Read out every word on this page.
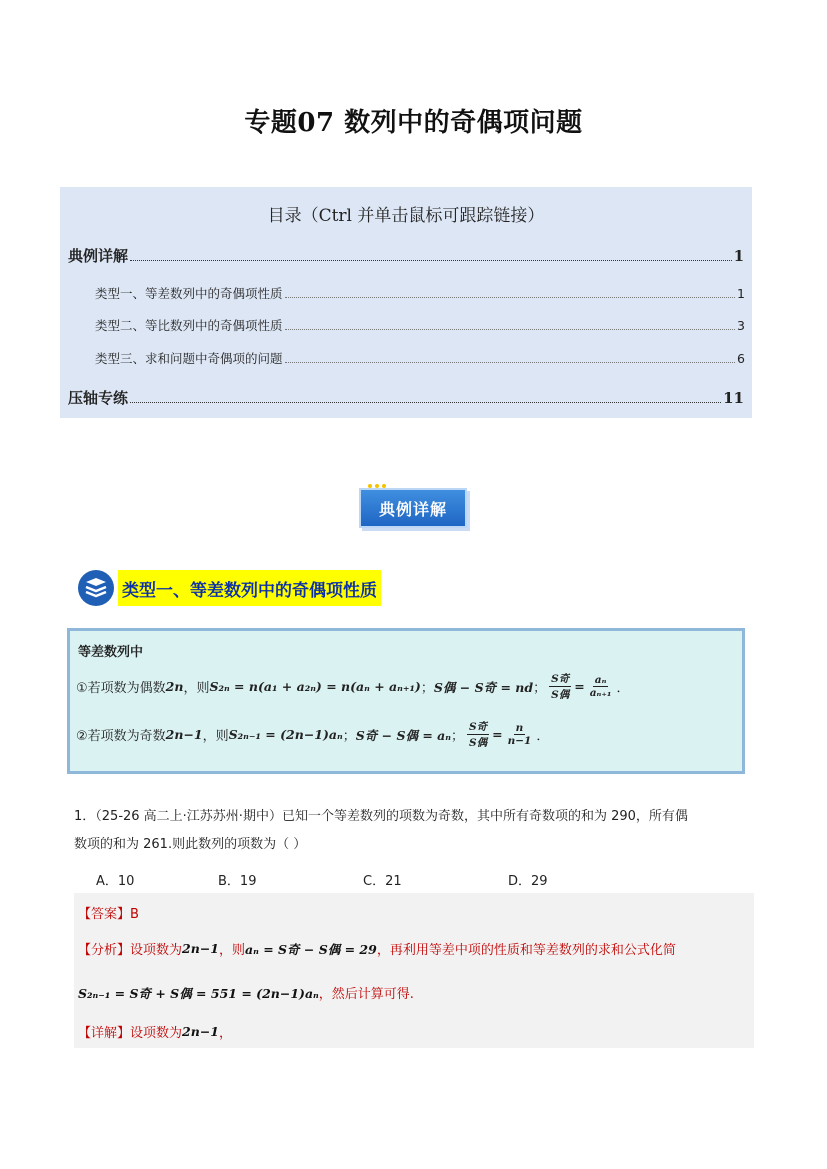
专题07 数列中的奇偶项问题
目录（Ctrl 并单击鼠标可跟踪链接）
典例详解	1
类型一、等差数列中的奇偶项性质	1
类型二、等比数列中的奇偶项性质	3
类型三、求和问题中奇偶项的问题	6
压轴专练	11
典例详解
类型一、等差数列中的奇偶项性质
等差数列中
①若项数为偶数 2n ，则 S₂ₙ = n(a₁ + a₂ₙ) = n(aₙ + aₙ₊₁) ； S偶 − S奇 = nd ； $\frac{\text{S奇}}{\text{S偶}} = \frac{\text{aₙ}}{\text{aₙ₊₁}}$ ．
②若项数为奇数 2n−1 ，则 S₂ₙ₋₁ = (2n−1)aₙ ； S奇 − S偶 = aₙ ； $\frac{\text{S奇}}{\text{S偶}} = \frac{n}{n-1}$ ．
1．（25-26 高二上·江苏苏州·期中）已知一个等差数列的项数为奇数，其中所有奇数项的和为 290，所有偶
数项的和为 261.则此数列的项数为（ ）
A．10	B．19	C．21	D．29
【答案】B
【分析】 设项数为 2n−1 ，则 aₙ = S奇 − S偶 = 29 ，再利用等差中项的性质和等差数列的求和公式化简
S₂ₙ₋₁ = S奇 + S偶 = 551 = (2n−1)aₙ ，然后计算可得.
【详解】 设项数为 2n−1 ，
